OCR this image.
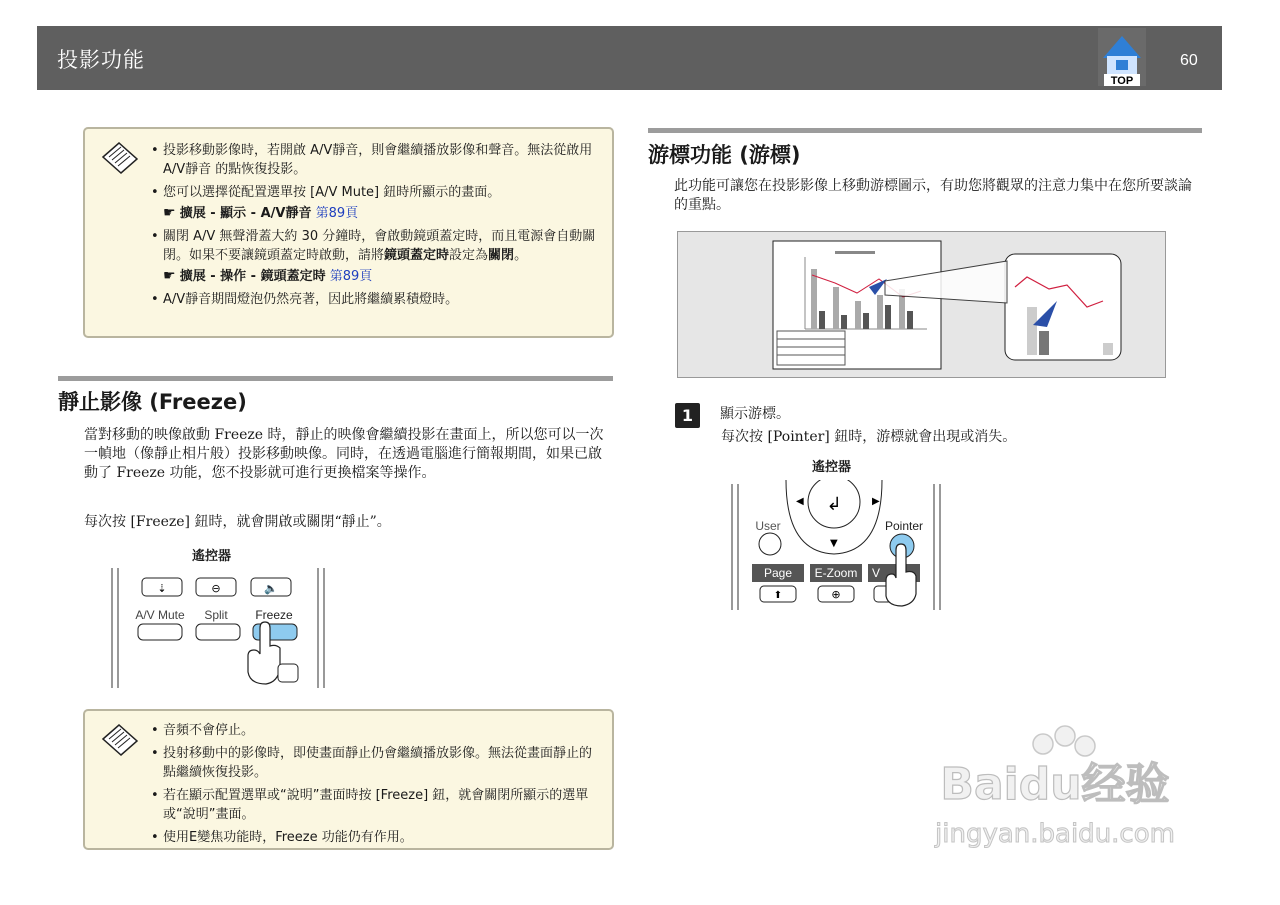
投影功能
TOP
60
• 投影移動影像時，若開啟 A/V靜音，則會繼續播放影像和聲音。無法從啟用 A/V靜音 的點恢復投影。
• 您可以選擇從配置選單按 [A/V Mute] 鈕時所顯示的畫面。
☛ 擴展 - 顯示 - A/V靜音 第89頁
• 關閉 A/V 無聲滑蓋大約 30 分鐘時，會啟動鏡頭蓋定時，而且電源會自動關閉。如果不要讓鏡頭蓋定時啟動，請將鏡頭蓋定時設定為關閉。
☛ 擴展 - 操作 - 鏡頭蓋定時 第89頁
• A/V靜音期間燈泡仍然亮著，因此將繼續累積燈時。
靜止影像 (Freeze)
當對移動的映像啟動 Freeze 時，靜止的映像會繼續投影在畫面上，所以您可以一次一幀地（像靜止相片般）投影移動映像。同時，在透過電腦進行簡報期間，如果已啟動了 Freeze 功能，您不投影就可進行更換檔案等操作。
每次按 [Freeze] 鈕時，就會開啟或關閉“靜止”。
遙控器
⇣	⊖	🔈
A/V Mute Split Freeze
• 音頻不會停止。
• 投射移動中的影像時，即使畫面靜止仍會繼續播放影像。無法從畫面靜止的點繼續恢復投影。
• 若在顯示配置選單或“說明”畫面時按 [Freeze] 鈕，就會關閉所顯示的選單或“說明”畫面。
• 使用E變焦功能時，Freeze 功能仍有作用。
游標功能 (游標)
此功能可讓您在投影影像上移動游標圖示，有助您將觀眾的注意力集中在您所要談論的重點。
1	顯示游標。
每次按 [Pointer] 鈕時，游標就會出現或消失。
遙控器
↲
◀	▶
▼
User	Pointer
Page E-Zoom V
⬆	⊕
Baidu经验
jingyan.baidu.com
